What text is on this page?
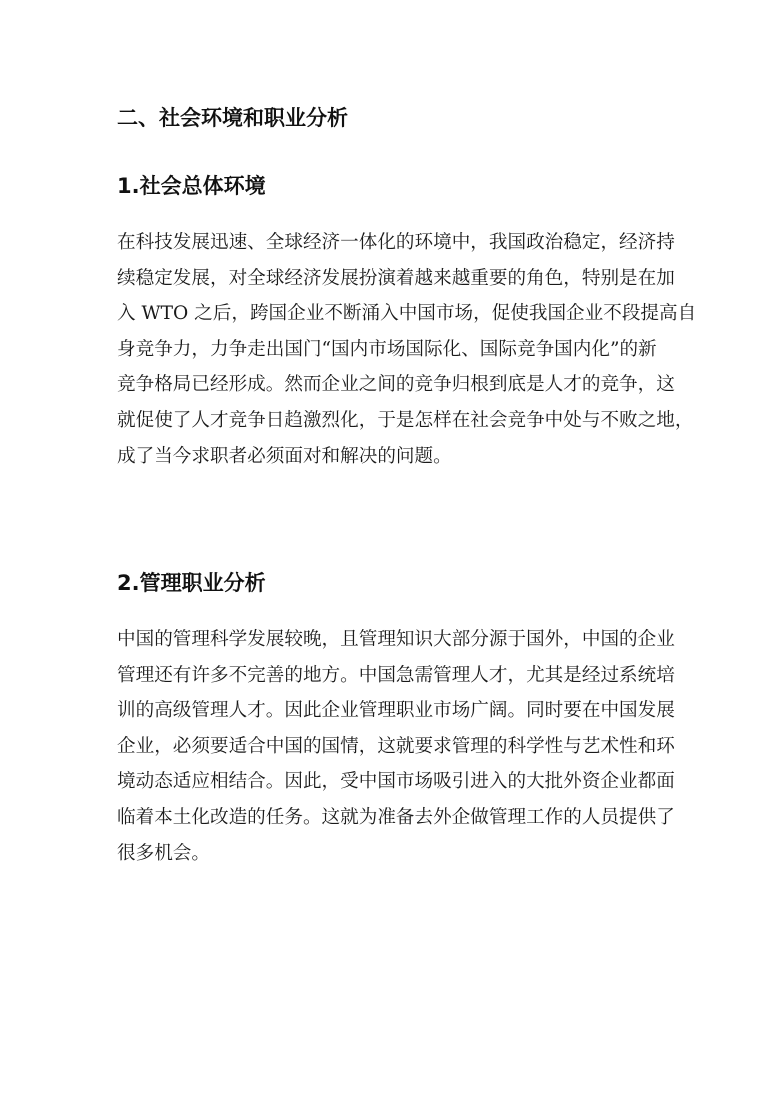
二、社会环境和职业分析
1.社会总体环境

在科技发展迅速、全球经济一体化的环境中，我国政治稳定，经济持
续稳定发展，对全球经济发展扮演着越来越重要的角色，特别是在加
入 WTO 之后，跨国企业不断涌入中国市场，促使我国企业不段提高自
身竞争力，力争走出国门“国内市场国际化、国际竞争国内化”的新
竞争格局已经形成。然而企业之间的竞争归根到底是人才的竞争，这
就促使了人才竞争日趋激烈化，于是怎样在社会竞争中处与不败之地，
成了当今求职者必须面对和解决的问题。

2.管理职业分析

中国的管理科学发展较晚，且管理知识大部分源于国外，中国的企业
管理还有许多不完善的地方。中国急需管理人才，尤其是经过系统培
训的高级管理人才。因此企业管理职业市场广阔。同时要在中国发展
企业，必须要适合中国的国情，这就要求管理的科学性与艺术性和环
境动态适应相结合。因此，受中国市场吸引进入的大批外资企业都面
临着本土化改造的任务。这就为准备去外企做管理工作的人员提供了
很多机会。
